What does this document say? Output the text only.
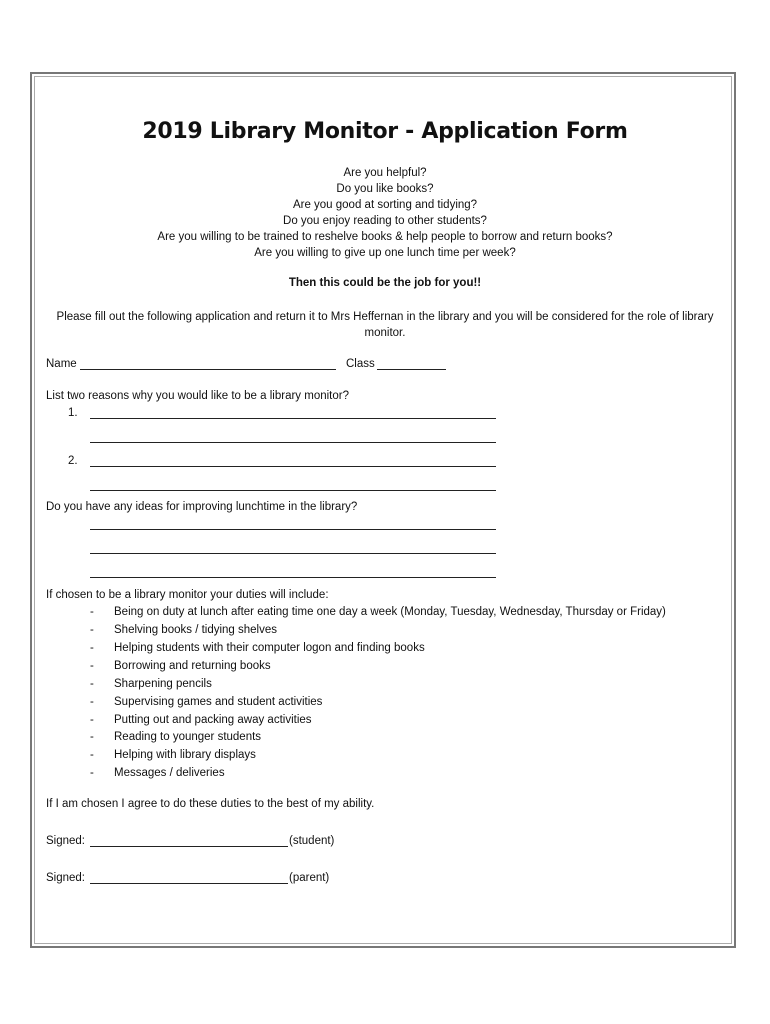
2019 Library Monitor - Application Form
Are you helpful?
Do you like books?
Are you good at sorting and tidying?
Do you enjoy reading to other students?
Are you willing to be trained to reshelve books & help people to borrow and return books?
Are you willing to give up one lunch time per week?
Then this could be the job for you!!
Please fill out the following application and return it to Mrs Heffernan in the library and you will be considered for the role of library monitor.
Name	Class
List two reasons why you would like to be a library monitor?
1.
2.
Do you have any ideas for improving lunchtime in the library?
If chosen to be a library monitor your duties will include:
- Being on duty at lunch after eating time one day a week (Monday, Tuesday, Wednesday, Thursday or Friday)
- Shelving books / tidying shelves
- Helping students with their computer logon and finding books
- Borrowing and returning books
- Sharpening pencils
- Supervising games and student activities
- Putting out and packing away activities
- Reading to younger students
- Helping with library displays
- Messages / deliveries
If I am chosen I agree to do these duties to the best of my ability.
Signed:	(student)
Signed:	(parent)
